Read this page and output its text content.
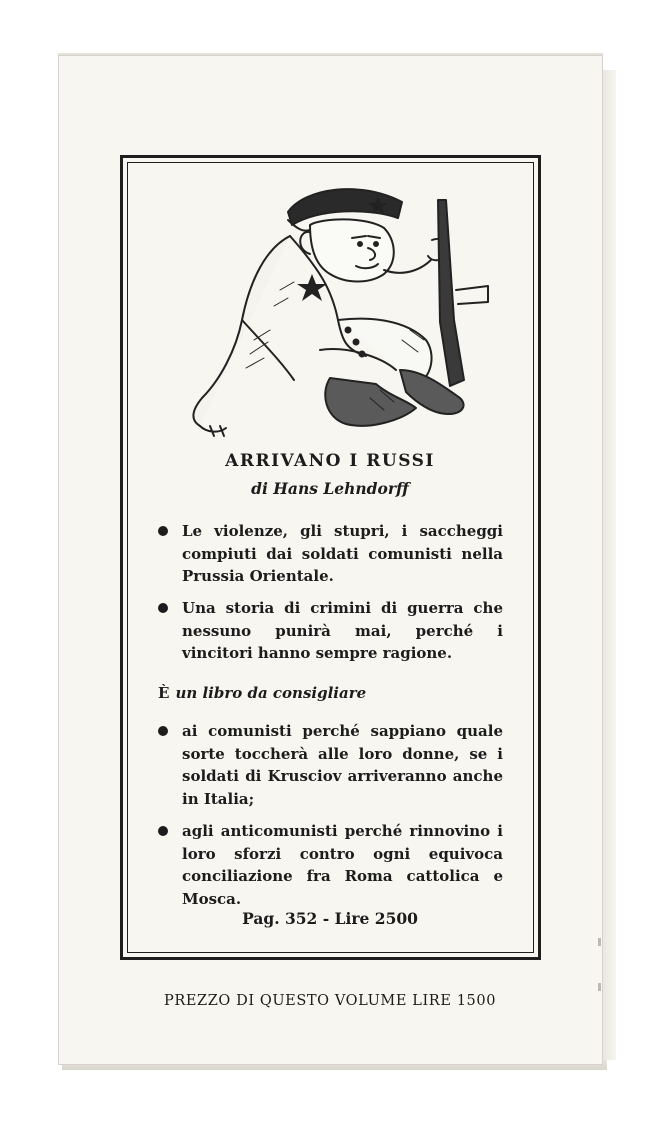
ARRIVANO I RUSSI
di Hans Lehndorff
Le violenze, gli stupri, i saccheggi compiuti dai soldati comunisti nella Prussia Orientale.
Una storia di crimini di guerra che nessuno punirà mai, perché i vincitori hanno sempre ragione.
È un libro da consigliare
ai comunisti perché sappiano quale sorte toccherà alle loro donne, se i soldati di Krusciov arriveranno anche in Italia;
agli anticomunisti perché rinnovino i loro sforzi contro ogni equivoca conciliazione fra Roma cattolica e Mosca.
Pag. 352 - Lire 2500
PREZZO DI QUESTO VOLUME LIRE 1500
